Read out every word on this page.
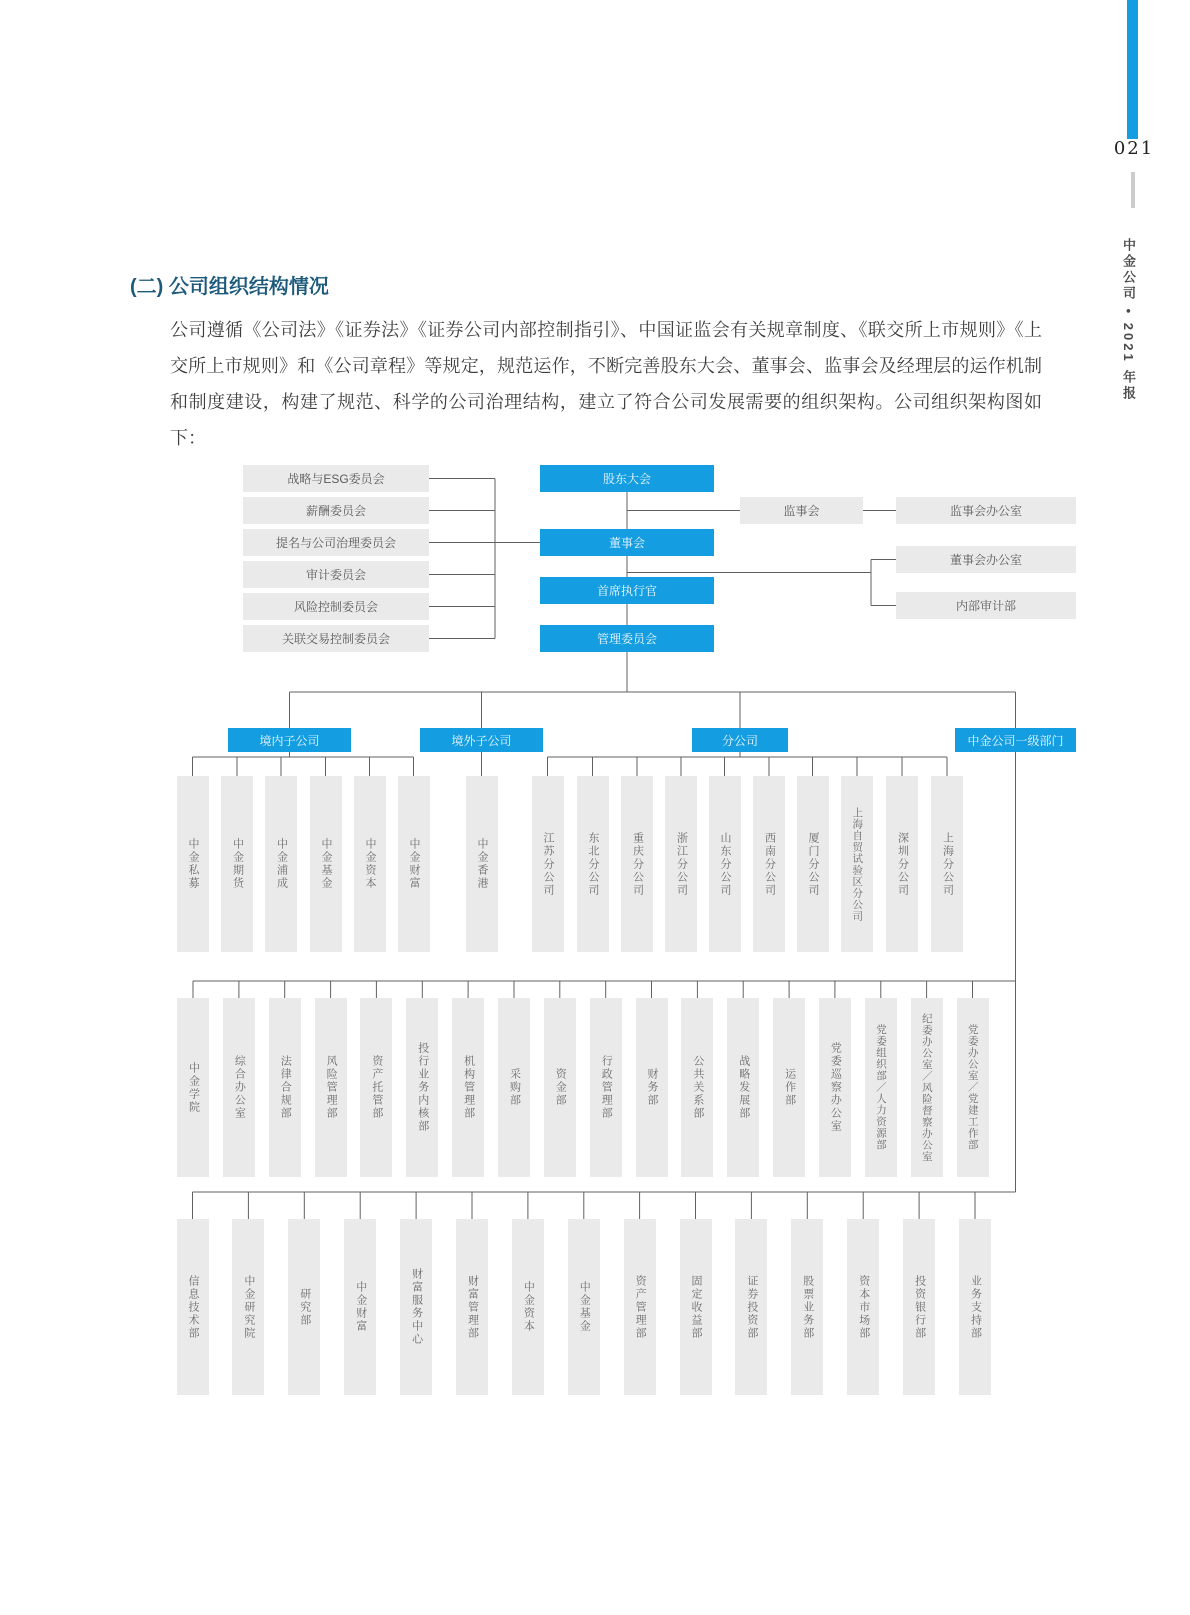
021
中金公司 • 2021 年报
(二) 公司组织结构情况
公司遵循《公司法》《证券法》《证券公司内部控制指引》、中国证监会有关规章制度、《联交所上市规则》《上交所上市规则》和《公司章程》等规定，规范运作，不断完善股东大会、董事会、监事会及经理层的运作机制和制度建设，构建了规范、科学的公司治理结构，建立了符合公司发展需要的组织架构。公司组织架构图如下：
战略与ESG委员会
薪酬委员会
提名与公司治理委员会
审计委员会
风险控制委员会
关联交易控制委员会
股东大会
董事会
首席执行官
管理委员会
监事会	监事会办公室
董事会办公室
内部审计部
境内子公司	境外子公司	分公司	中金公司一级部门
中金私募	中金期货	中金浦成	中金基金	中金资本	中金财富	中金香港	江苏分公司	东北分公司	重庆分公司	浙江分公司	山东分公司	西南分公司	厦门分公司	上海自贸试验区分公司	深圳分公司	上海分公司
中金学院	综合办公室	法律合规部	风险管理部	资产托管部	投行业务内核部	机构管理部	采购部	资金部	行政管理部	财务部	公共关系部	战略发展部	运作部	党委巡察办公室	党委组织部／人力资源部	纪委办公室／风险督察办公室	党委办公室／党建工作部
信息技术部	中金研究院	研究部	中金财富	财富服务中心	财富管理部	中金资本	中金基金	资产管理部	固定收益部	证券投资部	股票业务部	资本市场部	投资银行部	业务支持部
